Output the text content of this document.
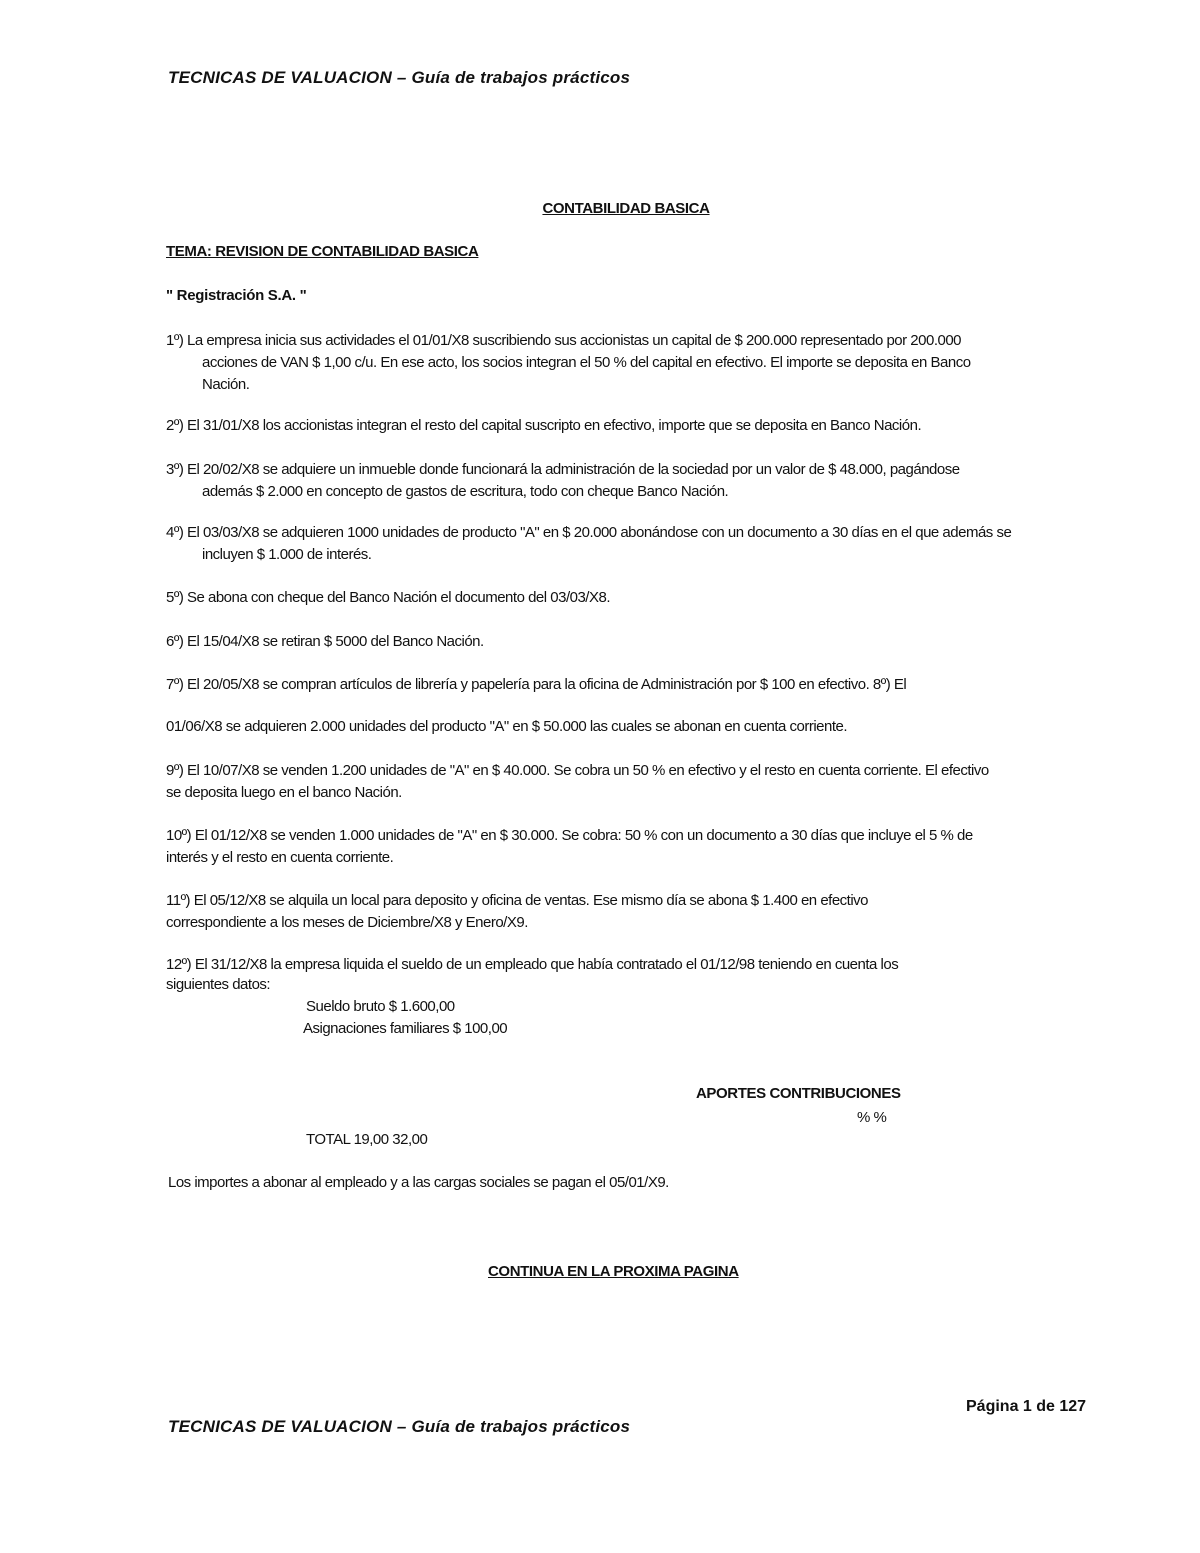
TECNICAS DE VALUACION – Guía de trabajos prácticos

CONTABILIDAD BASICA

TEMA: REVISION DE CONTABILIDAD BASICA

" Registración S.A. "

1º) La empresa inicia sus actividades el 01/01/X8 suscribiendo sus accionistas un capital de $ 200.000 representado por 200.000
acciones de VAN $ 1,00 c/u. En ese acto, los socios integran el 50 % del capital en efectivo. El importe se deposita en Banco
Nación.
2º) El 31/01/X8 los accionistas integran el resto del capital suscripto en efectivo, importe que se deposita en Banco Nación.
3º) El 20/02/X8 se adquiere un inmueble donde funcionará la administración de la sociedad por un valor de $ 48.000, pagándose
además $ 2.000 en concepto de gastos de escritura, todo con cheque Banco Nación.
4º) El 03/03/X8 se adquieren 1000 unidades de producto "A" en $ 20.000 abonándose con un documento a 30 días en el que además se
incluyen $ 1.000 de interés.
5º) Se abona con cheque del Banco Nación el documento del 03/03/X8.
6º) El 15/04/X8 se retiran $ 5000 del Banco Nación.
7º) El 20/05/X8 se compran artículos de librería y papelería para la oficina de Administración por $ 100 en efectivo. 8º) El
01/06/X8 se adquieren 2.000 unidades del producto "A" en $ 50.000 las cuales se abonan en cuenta corriente.
9º) El 10/07/X8 se venden 1.200 unidades de "A" en $ 40.000. Se cobra un 50 % en efectivo y el resto en cuenta corriente. El efectivo
se deposita luego en el banco Nación.
10º) El 01/12/X8 se venden 1.000 unidades de "A" en $ 30.000. Se cobra: 50 % con un documento a 30 días que incluye el 5 % de
interés y el resto en cuenta corriente.
11º) El 05/12/X8 se alquila un local para deposito y oficina de ventas. Ese mismo día se abona $ 1.400 en efectivo
correspondiente a los meses de Diciembre/X8 y Enero/X9.
12º) El 31/12/X8 la empresa liquida el sueldo de un empleado que había contratado el 01/12/98 teniendo en cuenta los
siguientes datos:
Sueldo bruto $ 1.600,00
Asignaciones familiares $ 100,00
APORTES CONTRIBUCIONES
% %
TOTAL 19,00 32,00
Los importes a abonar al empleado y a las cargas sociales se pagan el 05/01/X9.

CONTINUA EN LA PROXIMA PAGINA

Página 1 de 127

TECNICAS DE VALUACION – Guía de trabajos prácticos
